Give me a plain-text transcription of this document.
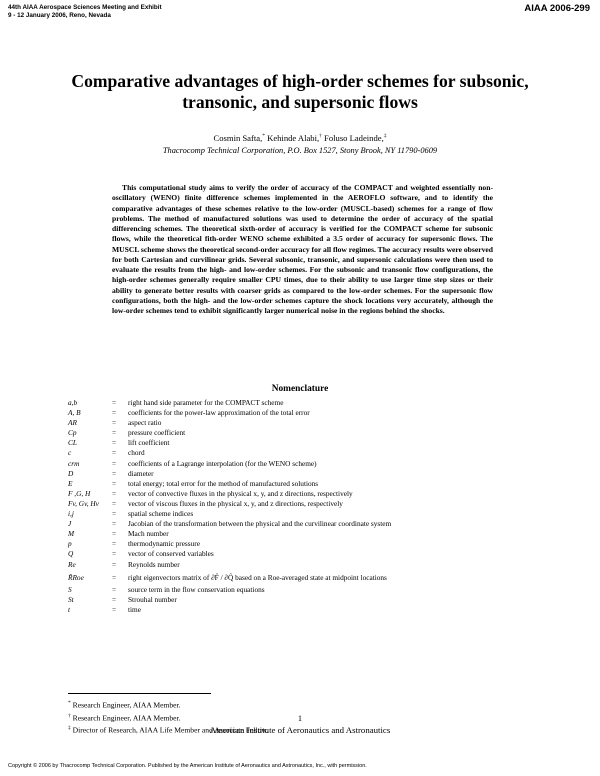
44th AIAA Aerospace Sciences Meeting and Exhibit
9 - 12 January 2006, Reno, Nevada
AIAA 2006-299
Comparative advantages of high-order schemes for subsonic,
transonic, and supersonic flows
Cosmin Safta,* Kehinde Alabi,† Foluso Ladeinde,‡
Thacrocomp Technical Corporation, P.O. Box 1527, Stony Brook, NY 11790-0609
This computational study aims to verify the order of accuracy of the COMPACT and weighted essentially non-oscillatory (WENO) finite difference schemes implemented in the AEROFLO software, and to identify the comparative advantages of these schemes relative to the low-order (MUSCL-based) schemes for a range of flow problems. The method of manufactured solutions was used to determine the order of accuracy of the spatial differencing schemes. The theoretical sixth-order of accuracy is verified for the COMPACT scheme for subsonic flows, while the theoretical fith-order WENO scheme exhibited a 3.5 order of accuracy for supersonic flows. The MUSCL scheme shows the theoretical second-order accuracy for all flow regimes. The accuracy results were observed for both Cartesian and curvilinear grids. Several subsonic, transonic, and supersonic calculations were then used to evaluate the results from the high- and low-order schemes. For the subsonic and transonic flow configurations, the high-order schemes generally require smaller CPU times, due to their ability to use larger time step sizes or their ability to generate better results with coarser grids as compared to the low-order schemes. For the supersonic flow configurations, both the high- and the low-order schemes capture the shock locations very accurately, although the low-order schemes tend to exhibit significantly larger numerical noise in the regions behind the shocks.
Nomenclature
a,b	=	right hand side parameter for the COMPACT scheme
A, B	=	coefficients for the power-law approximation of the total error
AR	=	aspect ratio
Cp	=	pressure coefficient
CL	=	lift coefficient
c	=	chord
crm	=	coefficients of a Lagrange interpolation (for the WENO scheme)
D	=	diameter
E	=	total energy; total error for the method of manufactured solutions
F ,G, H	=	vector of convective fluxes in the physical x, y, and z directions, respectively
Fv, Gv, Hv	=	vector of viscous fluxes in the physical x, y, and z directions, respectively
i,j	=	spatial scheme indices
J	=	Jacobian of the transformation between the physical and the curvilinear coordinate system
M	=	Mach number
p	=	thermodynamic pressure
Q	=	vector of conserved variables
Re	=	Reynolds number
R̃Roe	=	right eigenvectors matrix of ∂F̂ / ∂Q̂ based on a Roe-averaged state at midpoint locations
S	=	source term in the flow conservation equations
St	=	Strouhal number
t	=	time
* Research Engineer, AIAA Member.
† Research Engineer, AIAA Member.
‡ Director of Research, AIAA Life Member and Associate Fellow.
1
American Institute of Aeronautics and Astronautics
Copyright © 2006 by Thacrocomp Technical Corporation. Published by the American Institute of Aeronautics and Astronautics, Inc., with permission.
